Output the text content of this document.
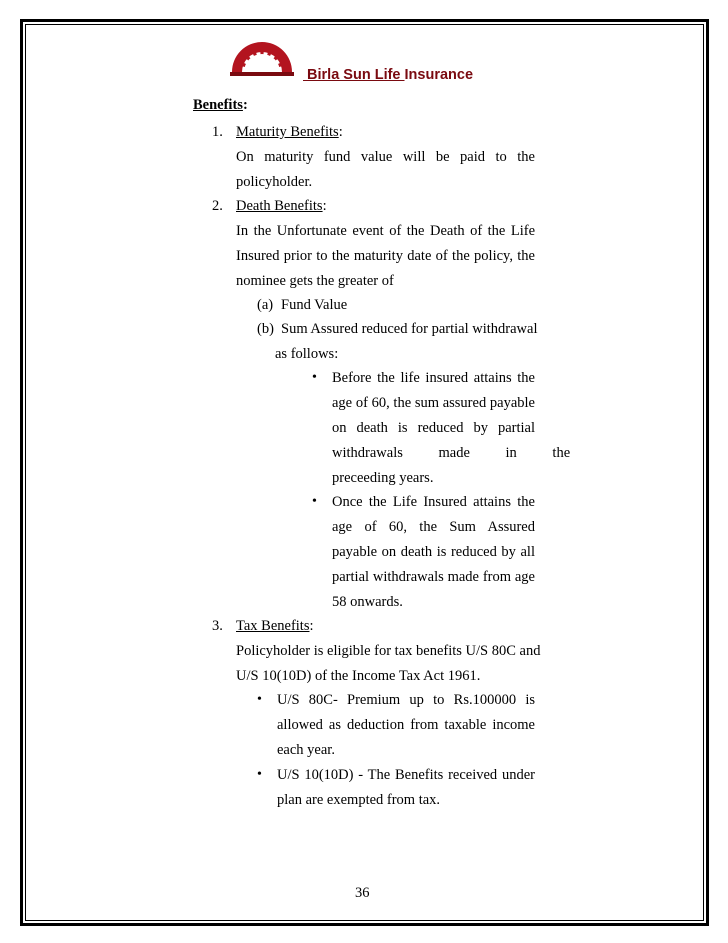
Birla Sun Life Insurance
Benefits:
1. Maturity Benefits:
On maturity fund value will be paid to the
policyholder.
2. Death Benefits:
In the Unfortunate event of the Death of the Life
Insured prior to the maturity date of the policy, the
nominee gets the greater of
(a) Fund Value
(b) Sum Assured reduced for partial withdrawal
as follows:
• Before the life insured attains the
age of 60, the sum assured payable
on death is reduced by partial
withdrawals made in the
preceeding years.
• Once the Life Insured attains the
age of 60, the Sum Assured
payable on death is reduced by all
partial withdrawals made from age
58 onwards.
3. Tax Benefits:
Policyholder is eligible for tax benefits U/S 80C and
U/S 10(10D) of the Income Tax Act 1961.
• U/S 80C- Premium up to Rs.100000 is
allowed as deduction from taxable income
each year.
• U/S 10(10D) - The Benefits received under
plan are exempted from tax.
36
